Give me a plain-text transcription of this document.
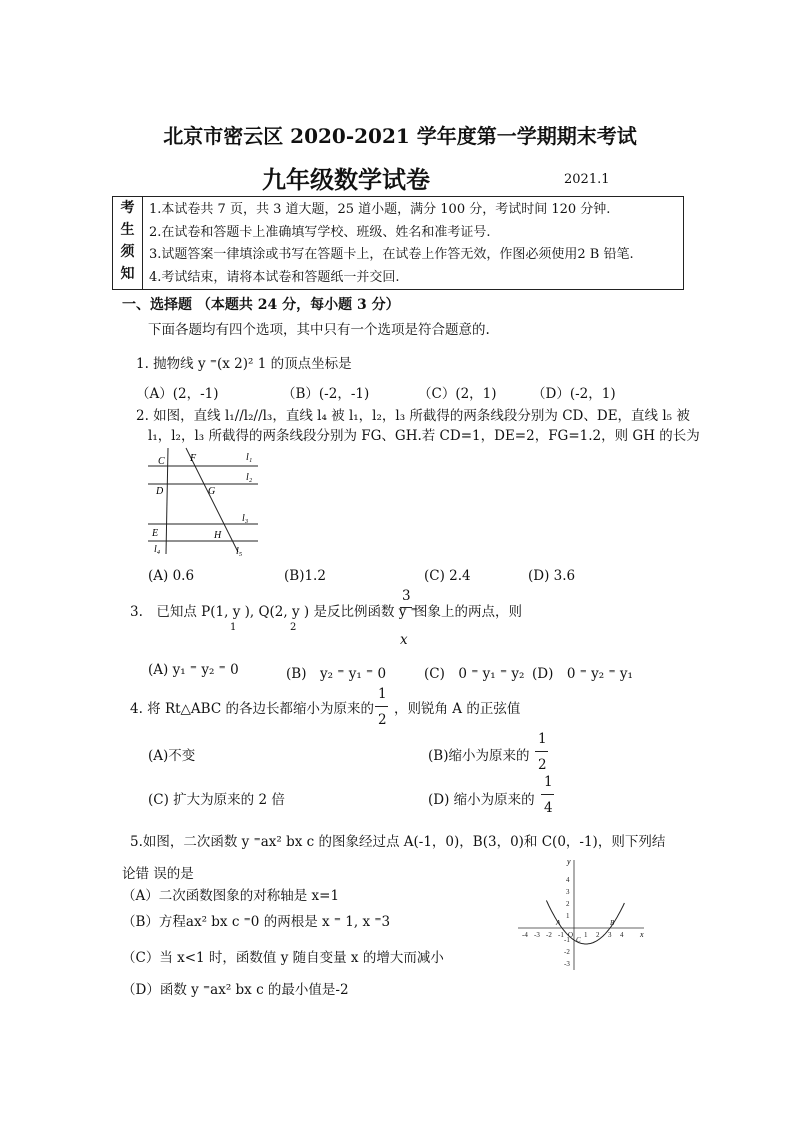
北京市密云区 2020-2021 学年度第一学期期末考试
九年级数学试卷	2021.1
考
生
须
知
1.本试卷共 7 页，共 3 道大题，25 道小题，满分 100 分，考试时间 120 分钟.
2.在试卷和答题卡上准确填写学校、班级、姓名和准考证号.
3.试题答案一律填涂或书写在答题卡上，在试卷上作答无效，作图必须使用2 B 铅笔.
4.考试结束，请将本试卷和答题纸一并交回.
一、选择题 （本题共 24 分，每小题 3 分）
下面各题均有四个选项，其中只有一个选项是符合题意的.
1. 抛物线 y ⁼(x 2)² 1 的顶点坐标是
（A）(2，-1)	（B）(-2，-1)	（C）(2，1)	（D）(-2，1)
2. 如图，直线 l₁//l₂//l₃，直线 l₄ 被 l₁，l₂，l₃ 所截得的两条线段分别为 CD、DE，直线 l₅ 被
l₁，l₂，l₃ 所截得的两条线段分别为 FG、GH.若 CD=1，DE=2，FG=1.2，则 GH 的长为
C	F	l₁
l₂
D	G
l₃
E	H
l₄	l₅
(A) 0.6	(B)1.2	(C) 2.4	(D) 3.6
3.　已知点 P(1, y ), Q(2, y ) 是反比例函数 y ⁼
3
图象上的两点，则
1	2
x
(A) y₁ ⁼ y₂ ⁼ 0	(B)　y₂ ⁼ y₁ ⁼ 0	(C)　0 ⁼ y₁ ⁼ y₂ (D)　0 ⁼ y₂ ⁼ y₁
4. 将 Rt△ABC 的各边长都缩小为原来的
1
2
，则锐角 A 的正弦值
(A)不变	(B)缩小为原来的
1
2
(C) 扩大为原来的 2 倍	(D) 缩小为原来的
1
4
5.如图，二次函数 y ⁼ax² bx c 的图象经过点 A(-1，0)，B(3，0)和 C(0，-1)，则下列结
论错 误的是
（A）二次函数图象的对称轴是 x=1
（B）方程ax² bx c ⁼0 的两根是 x ⁼ 1, x ⁼3
（C）当 x<1 时，函数值 y 随自变量 x 的增大而减小
（D）函数 y ⁼ax² bx c 的最小值是-2
x
y
-4 -3 -2 -1 O 1 2 3 4
4
3
2
1
-1
-2
-3
A	B
C
